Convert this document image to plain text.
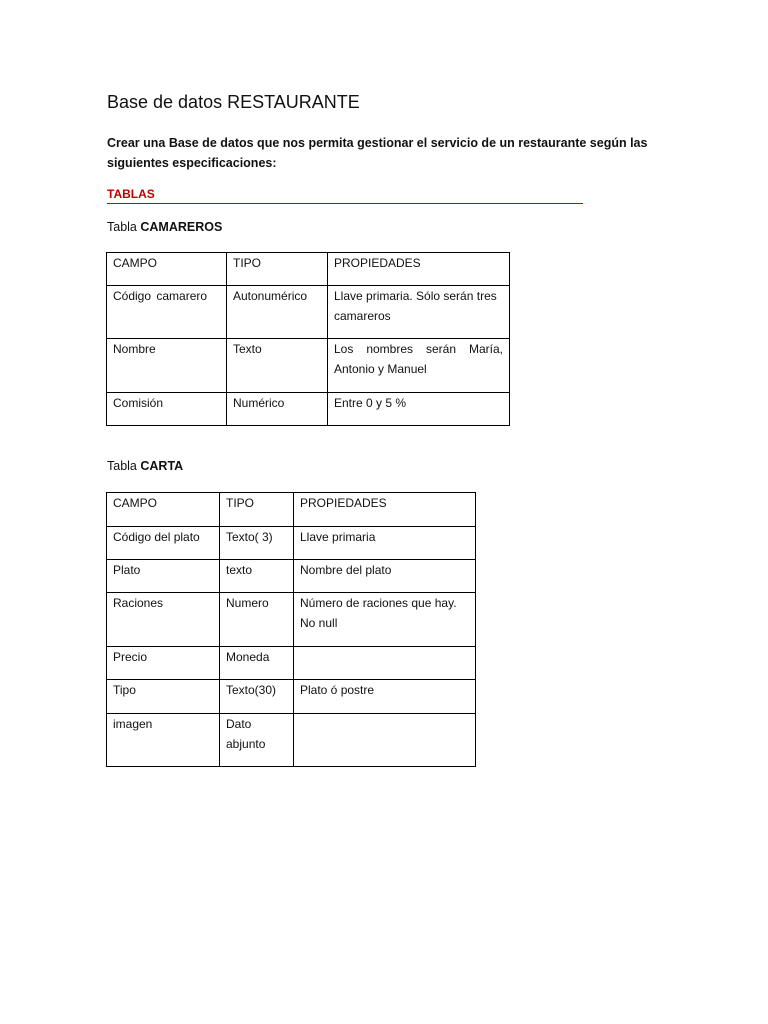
Base de datos RESTAURANTE

Crear una Base de datos que nos permita gestionar el servicio de un restaurante según las siguientes especificaciones:

TABLAS
Tabla CAMAREROS
CAMPO	TIPO	PROPIEDADES
Código camarero	Autonumérico	Llave primaria. Sólo serán tres camareros
Nombre	Texto	Los nombres serán María, Antonio y Manuel
Comisión	Numérico	Entre 0 y 5 %
Tabla CARTA
CAMPO	TIPO	PROPIEDADES
Código del plato	Texto( 3)	Llave primaria
Plato	texto	Nombre del plato
Raciones	Numero	Número de raciones que hay. No null
Precio	Moneda	
Tipo	Texto(30)	Plato ó postre
imagen	Dato abjunto	
